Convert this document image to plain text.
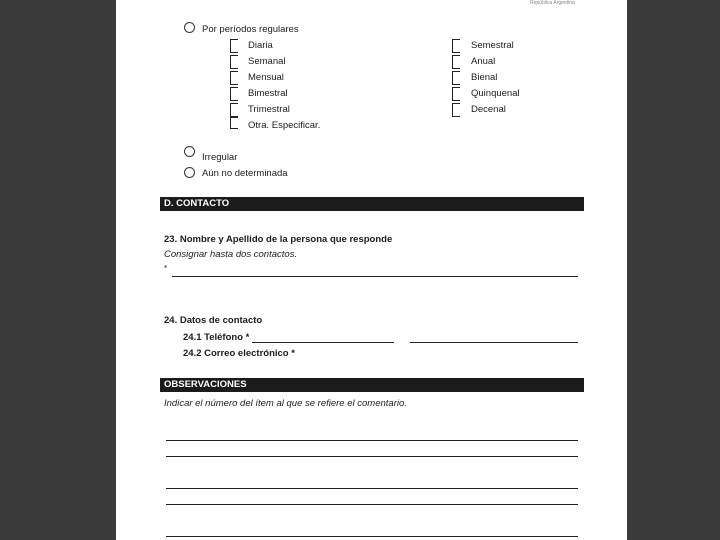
República Argentina
Por períodos regulares
Diaria
Semanal
Mensual
Bimestral
Trimestral
Otra. Especificar.
Semestral
Anual
Bienal
Quinquenal
Decenal
Irregular
Aún no determinada
D. CONTACTO
23. Nombre y Apellido de la persona que responde
Consignar hasta dos contactos.
*
24. Datos de contacto
24.1 Teléfono *
24.2 Correo electrónico *
OBSERVACIONES
Indicar el número del ítem al que se refiere el comentario.
